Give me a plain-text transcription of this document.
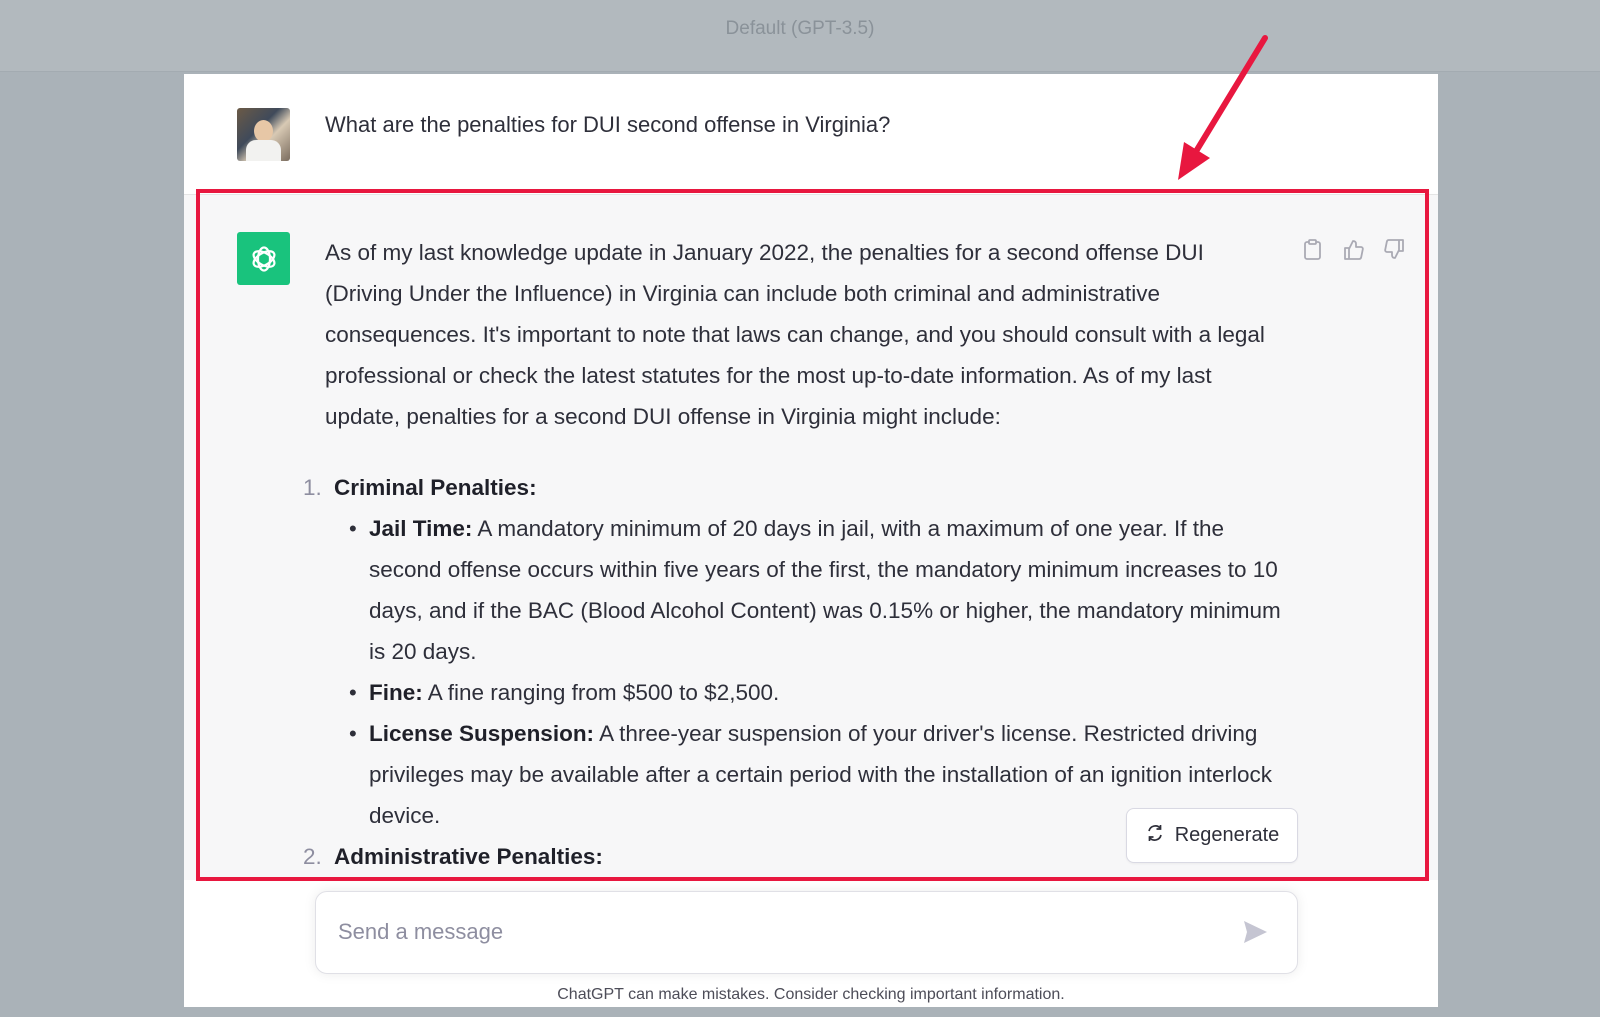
Default (GPT-3.5)
What are the penalties for DUI second offense in Virginia?

As of my last knowledge update in January 2022, the penalties for a second offense DUI (Driving Under the Influence) in Virginia can include both criminal and administrative consequences. It's important to note that laws can change, and you should consult with a legal professional or check the latest statutes for the most up-to-date information. As of my last update, penalties for a second DUI offense in Virginia might include:

1. Criminal Penalties:
• Jail Time: A mandatory minimum of 20 days in jail, with a maximum of one year. If the second offense occurs within five years of the first, the mandatory minimum increases to 10 days, and if the BAC (Blood Alcohol Content) was 0.15% or higher, the mandatory minimum is 20 days.
• Fine: A fine ranging from $500 to $2,500.
• License Suspension: A three-year suspension of your driver's license. Restricted driving privileges may be available after a certain period with the installation of an ignition interlock device.
2. Administrative Penalties:
Regenerate
Send a message
ChatGPT can make mistakes. Consider checking important information.
